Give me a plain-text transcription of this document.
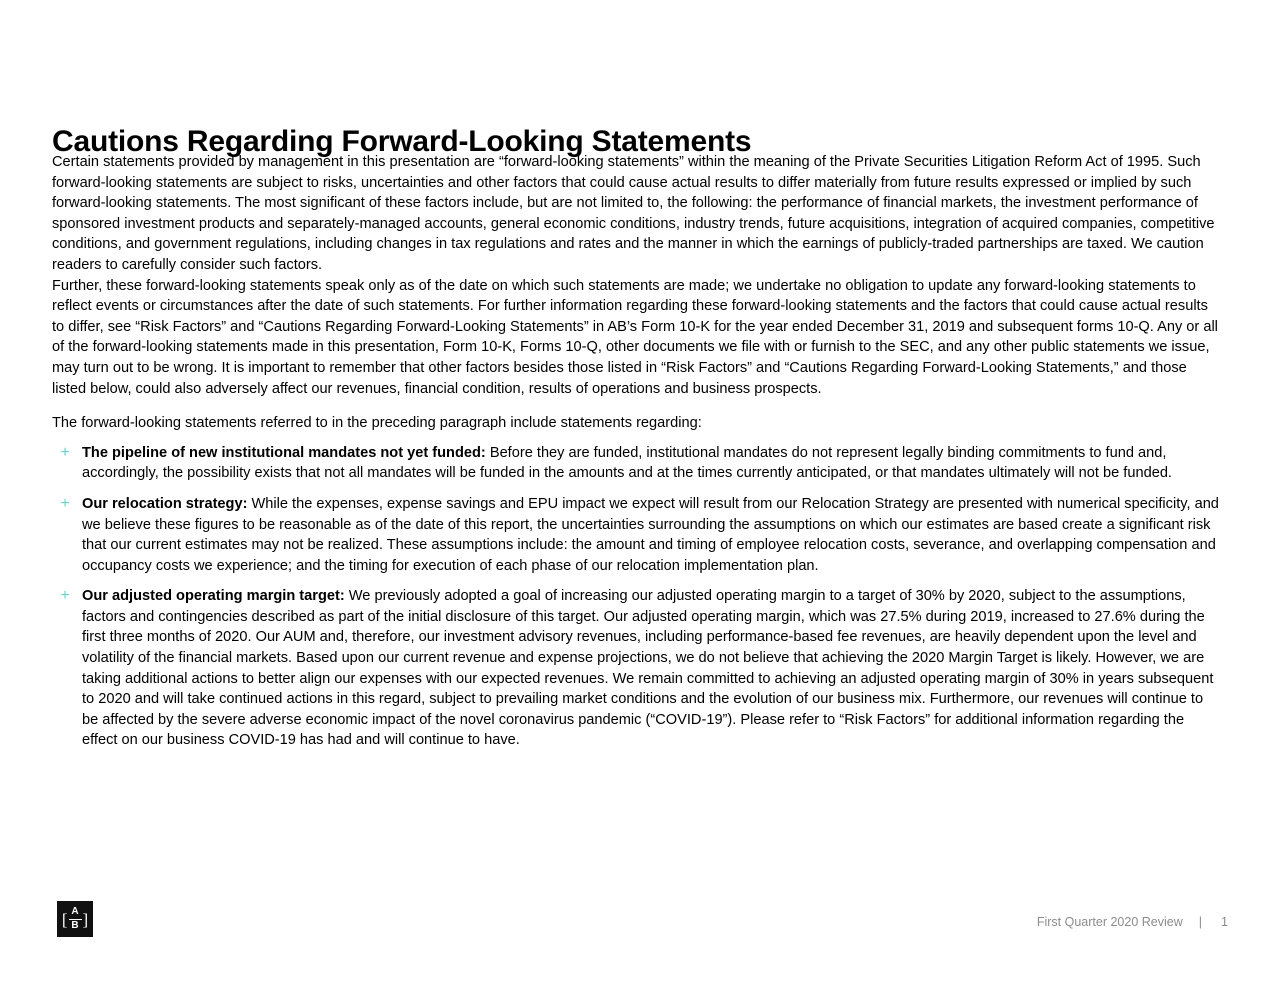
Cautions Regarding Forward-Looking Statements

Certain statements provided by management in this presentation are “forward-looking statements” within the meaning of the Private Securities Litigation Reform Act of 1995. Such forward-looking statements are subject to risks, uncertainties and other factors that could cause actual results to differ materially from future results expressed or implied by such forward-looking statements. The most significant of these factors include, but are not limited to, the following: the performance of financial markets, the investment performance of sponsored investment products and separately-managed accounts, general economic conditions, industry trends, future acquisitions, integration of acquired companies, competitive conditions, and government regulations, including changes in tax regulations and rates and the manner in which the earnings of publicly-traded partnerships are taxed. We caution readers to carefully consider such factors.

Further, these forward-looking statements speak only as of the date on which such statements are made; we undertake no obligation to update any forward-looking statements to reflect events or circumstances after the date of such statements. For further information regarding these forward-looking statements and the factors that could cause actual results to differ, see “Risk Factors” and “Cautions Regarding Forward-Looking Statements” in AB’s Form 10-K for the year ended December 31, 2019 and subsequent forms 10-Q. Any or all of the forward-looking statements made in this presentation, Form 10-K, Forms 10-Q, other documents we file with or furnish to the SEC, and any other public statements we issue, may turn out to be wrong. It is important to remember that other factors besides those listed in “Risk Factors” and “Cautions Regarding Forward-Looking Statements,” and those listed below, could also adversely affect our revenues, financial condition, results of operations and business prospects.

The forward-looking statements referred to in the preceding paragraph include statements regarding:

+ The pipeline of new institutional mandates not yet funded: Before they are funded, institutional mandates do not represent legally binding commitments to fund and, accordingly, the possibility exists that not all mandates will be funded in the amounts and at the times currently anticipated, or that mandates ultimately will not be funded.
+ Our relocation strategy: While the expenses, expense savings and EPU impact we expect will result from our Relocation Strategy are presented with numerical specificity, and we believe these figures to be reasonable as of the date of this report, the uncertainties surrounding the assumptions on which our estimates are based create a significant risk that our current estimates may not be realized. These assumptions include: the amount and timing of employee relocation costs, severance, and overlapping compensation and occupancy costs we experience; and the timing for execution of each phase of our relocation implementation plan.
+ Our adjusted operating margin target: We previously adopted a goal of increasing our adjusted operating margin to a target of 30% by 2020, subject to the assumptions, factors and contingencies described as part of the initial disclosure of this target. Our adjusted operating margin, which was 27.5% during 2019, increased to 27.6% during the first three months of 2020. Our AUM and, therefore, our investment advisory revenues, including performance-based fee revenues, are heavily dependent upon the level and volatility of the financial markets. Based upon our current revenue and expense projections, we do not believe that achieving the 2020 Margin Target is likely. However, we are taking additional actions to better align our expenses with our expected revenues. We remain committed to achieving an adjusted operating margin of 30% in years subsequent to 2020 and will take continued actions in this regard, subject to prevailing market conditions and the evolution of our business mix. Furthermore, our revenues will continue to be affected by the severe adverse economic impact of the novel coronavirus pandemic (“COVID-19”). Please refer to “Risk Factors” for additional information regarding the effect on our business COVID-19 has had and will continue to have.
[ A
B ]	First Quarter 2020 Review | 1
